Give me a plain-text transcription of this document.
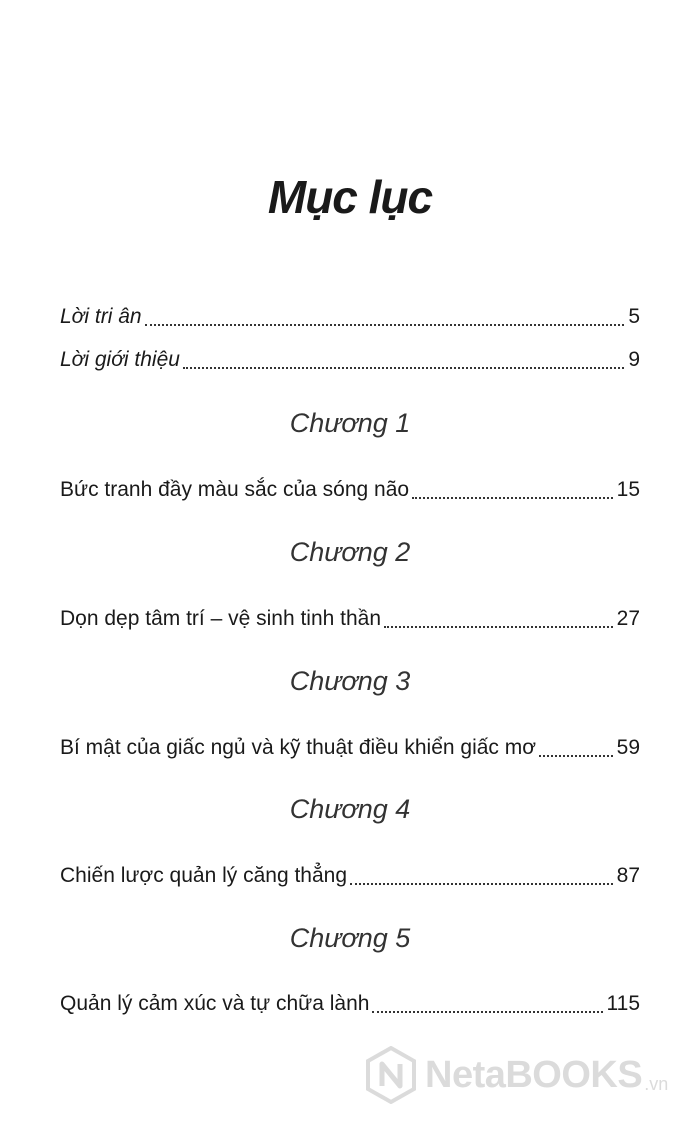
Mục lục
Lời tri ân	5
Lời giới thiệu	9
Chương 1
Bức tranh đầy màu sắc của sóng não	15
Chương 2
Dọn dẹp tâm trí – vệ sinh tinh thần	27
Chương 3
Bí mật của giấc ngủ và kỹ thuật điều khiển giấc mơ	59
Chương 4
Chiến lược quản lý căng thẳng	87
Chương 5
Quản lý cảm xúc và tự chữa lành	115
NetaBOOKS .vn
